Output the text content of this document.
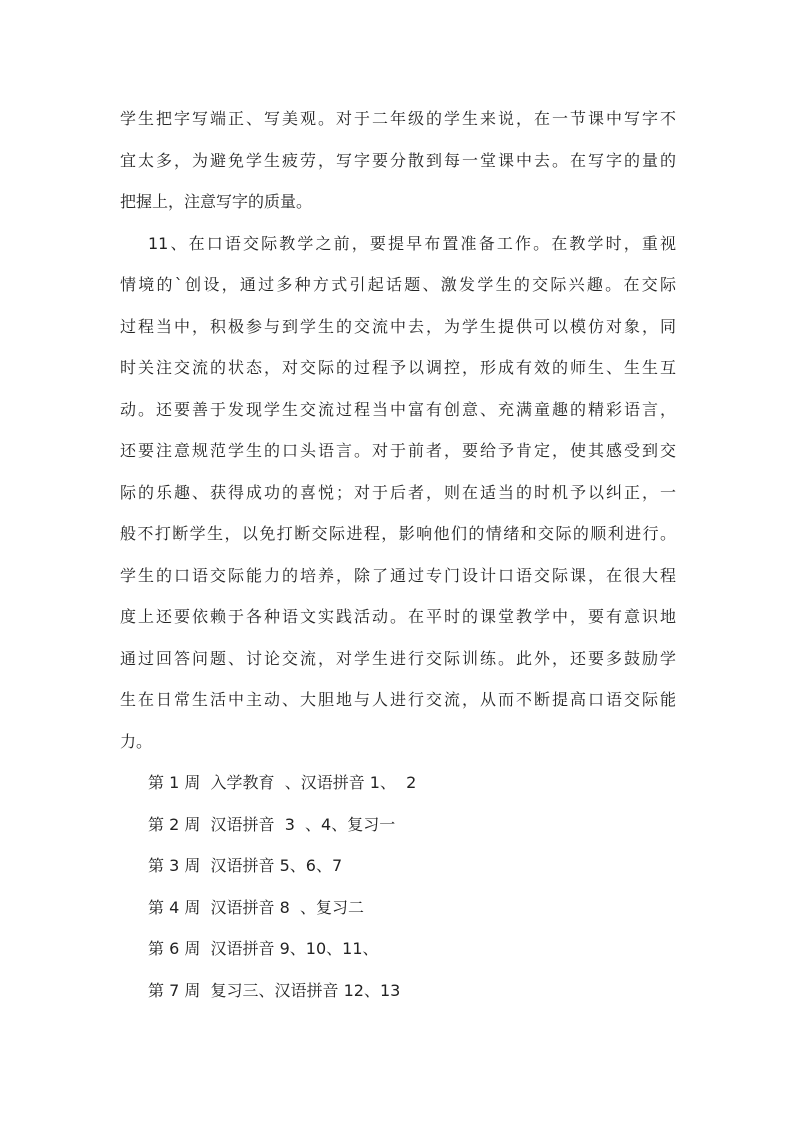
学生把字写端正、写美观。对于二年级的学生来说，在一节课中写字不
宜太多，为避免学生疲劳，写字要分散到每一堂课中去。在写字的量的
把握上，注意写字的质量。
11、在口语交际教学之前，要提早布置准备工作。在教学时，重视
情境的`创设，通过多种方式引起话题、激发学生的交际兴趣。在交际
过程当中，积极参与到学生的交流中去，为学生提供可以模仿对象，同
时关注交流的状态，对交际的过程予以调控，形成有效的师生、生生互
动。还要善于发现学生交流过程当中富有创意、充满童趣的精彩语言，
还要注意规范学生的口头语言。对于前者，要给予肯定，使其感受到交
际的乐趣、获得成功的喜悦；对于后者，则在适当的时机予以纠正，一
般不打断学生，以免打断交际进程，影响他们的情绪和交际的顺利进行。
学生的口语交际能力的培养，除了通过专门设计口语交际课，在很大程
度上还要依赖于各种语文实践活动。在平时的课堂教学中，要有意识地
通过回答问题、讨论交流，对学生进行交际训练。此外，还要多鼓励学
生在日常生活中主动、大胆地与人进行交流，从而不断提高口语交际能
力。
第 1 周  入学教育  、汉语拼音 1、  2
第 2 周  汉语拼音  3  、4、复习一
第 3 周  汉语拼音 5、6、7
第 4 周  汉语拼音 8  、复习二
第 6 周  汉语拼音 9、10、11、
第 7 周  复习三、汉语拼音 12、13
